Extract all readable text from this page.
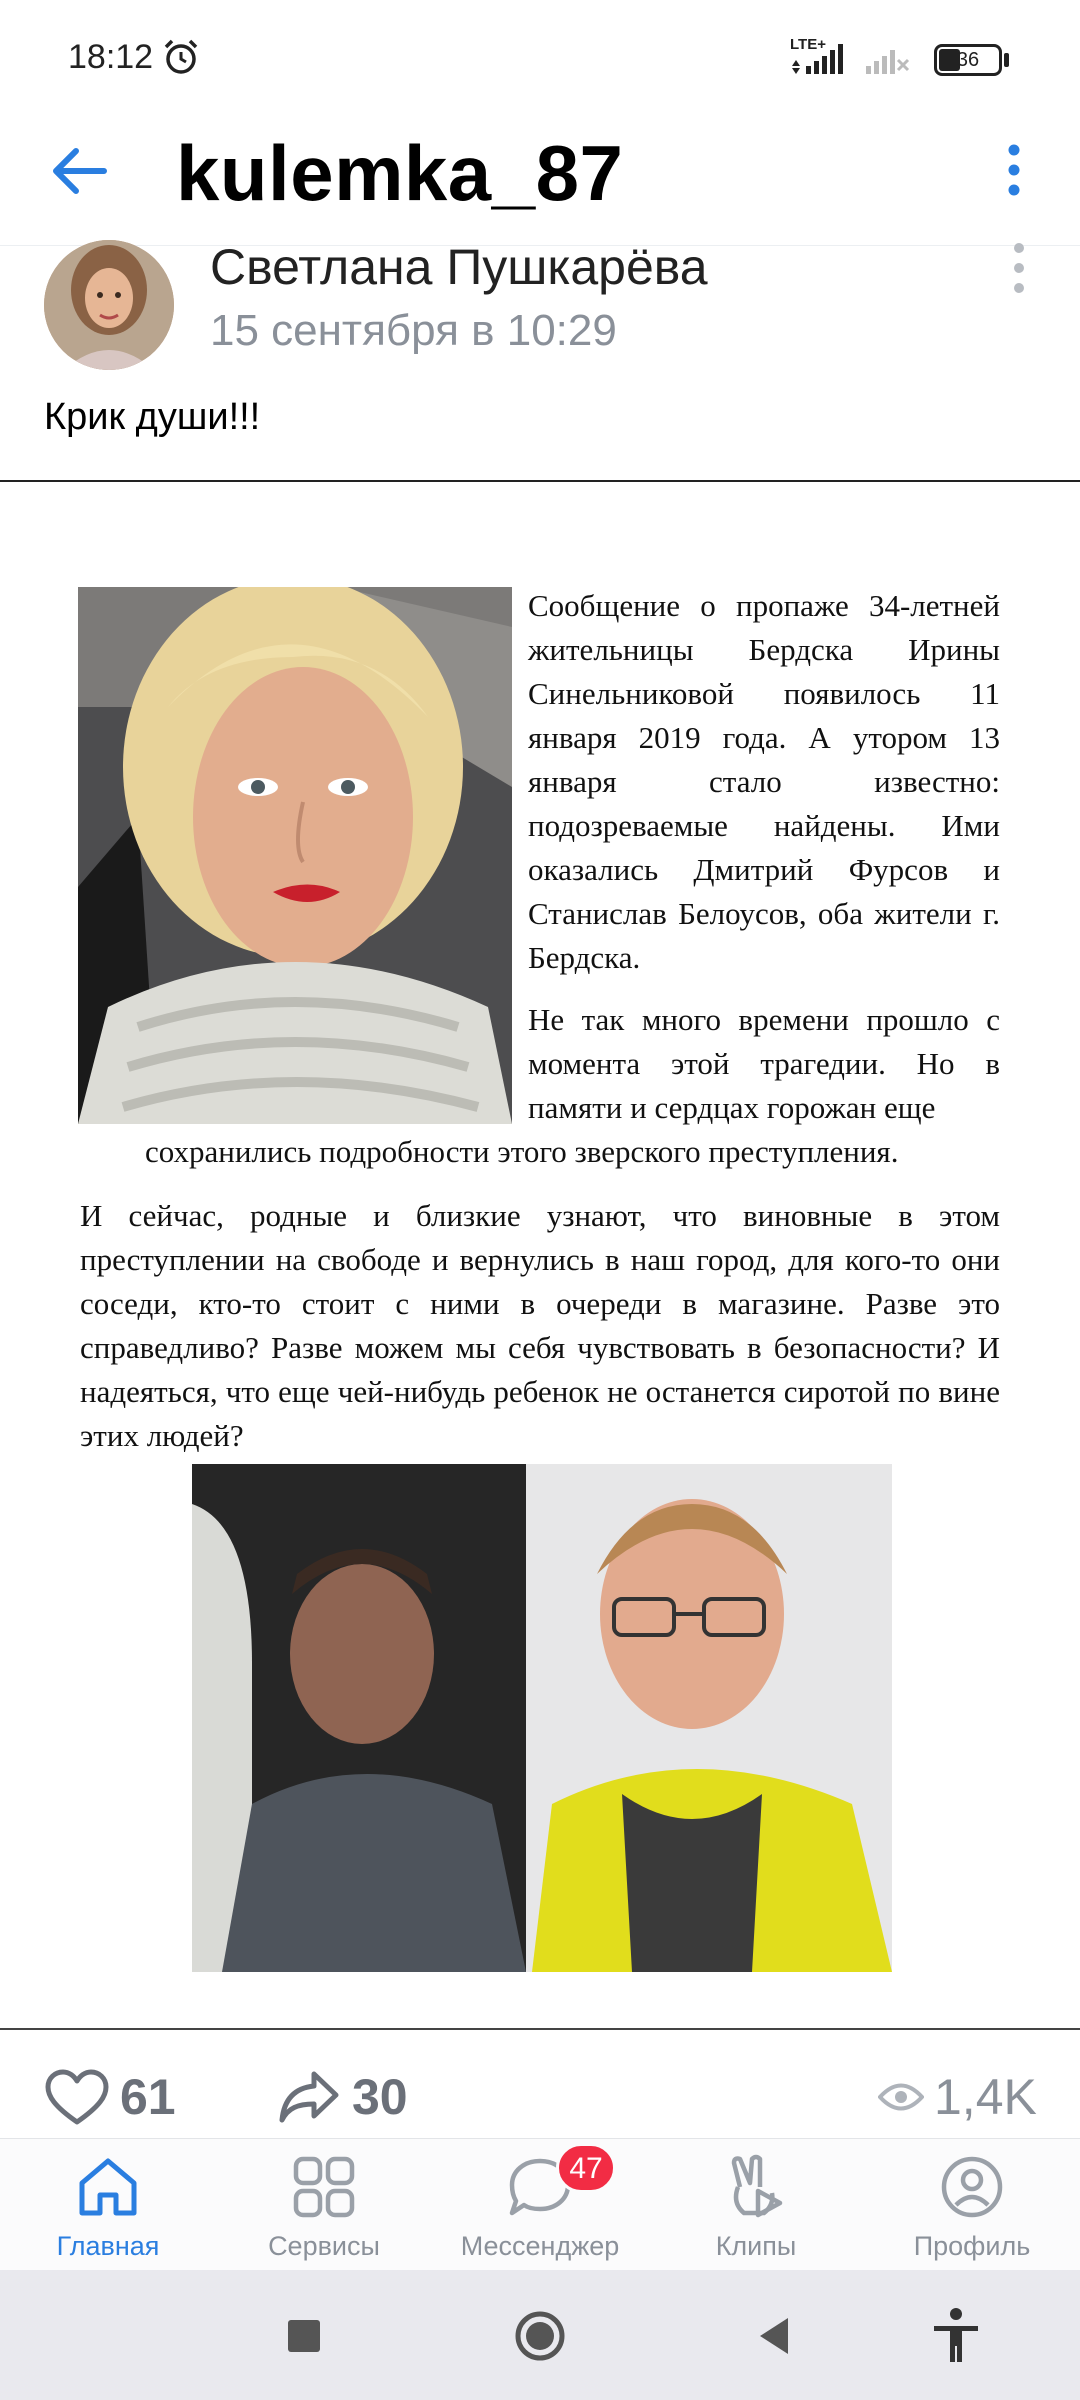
18:12	LTE+
36
kulemka_87
Светлана Пушкарёва
15 сентября в 10:29
Крик души!!!
Сообщение о пропаже 34-летней жительницы Бердска Ирины Синельниковой появилось 11 января 2019 года. А утором 13 января стало известно: подозреваемые найдены. Ими оказались Дмитрий Фурсов и Станислав Белоусов, оба жители г. Бердска.
Не так много времени прошло с момента этой трагедии. Но в памяти и сердцах горожан еще
сохранились подробности этого зверского преступления.
И сейчас, родные и близкие узнают, что виновные в этом преступлении на свободе и вернулись в наш город, для кого-то они соседи, кто-то стоит с ними в очереди в магазине. Разве это справедливо? Разве можем мы себя чувствовать в безопасности? И надеяться, что еще чей-нибудь ребенок не останется сиротой по вине этих людей?
61	30	1,4K
Главная	Сервисы
47
Мессенджер	Клипы	Профиль
